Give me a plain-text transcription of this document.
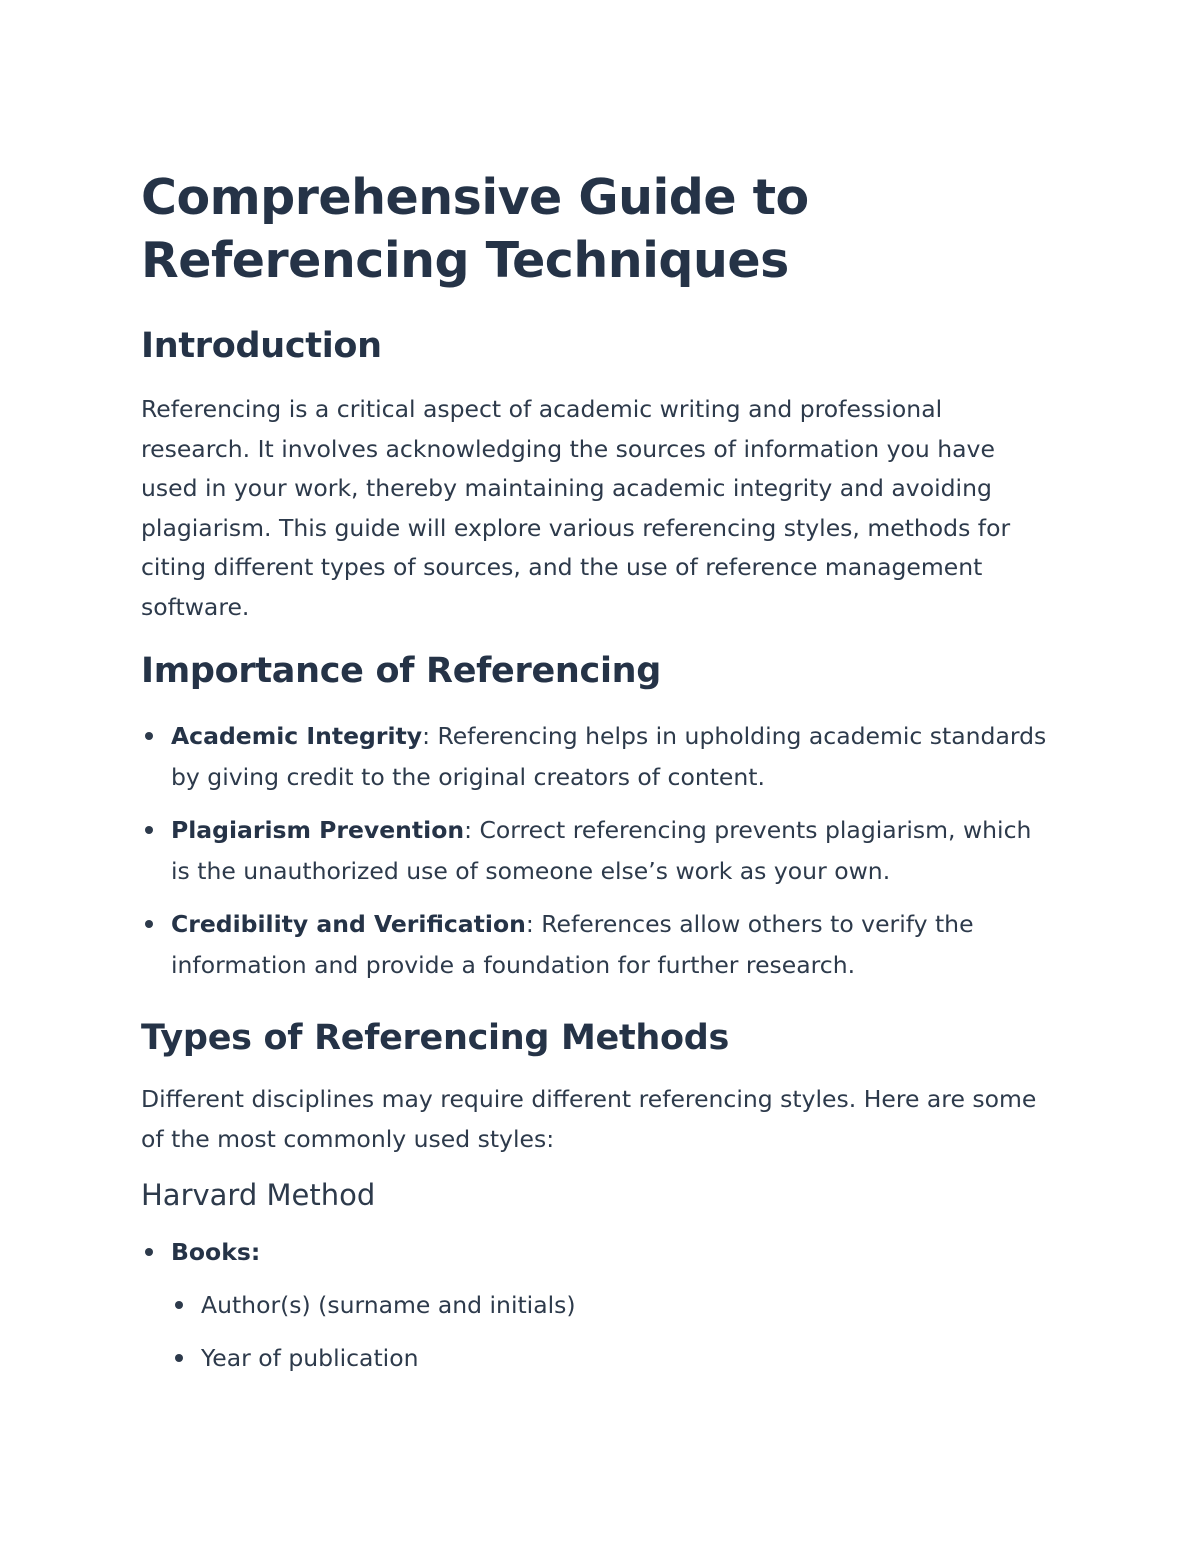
Comprehensive Guide to Referencing Techniques
Introduction

Referencing is a critical aspect of academic writing and professional research. It involves acknowledging the sources of information you have used in your work, thereby maintaining academic integrity and avoiding plagiarism. This guide will explore various referencing styles, methods for citing different types of sources, and the use of reference management software.

Importance of Referencing
Academic Integrity: Referencing helps in upholding academic standards by giving credit to the original creators of content.
Plagiarism Prevention: Correct referencing prevents plagiarism, which is the unauthorized use of someone else’s work as your own.
Credibility and Verification: References allow others to verify the information and provide a foundation for further research.
Types of Referencing Methods

Different disciplines may require different referencing styles. Here are some of the most commonly used styles:

Harvard Method
Books:
Author(s) (surname and initials)
Year of publication
